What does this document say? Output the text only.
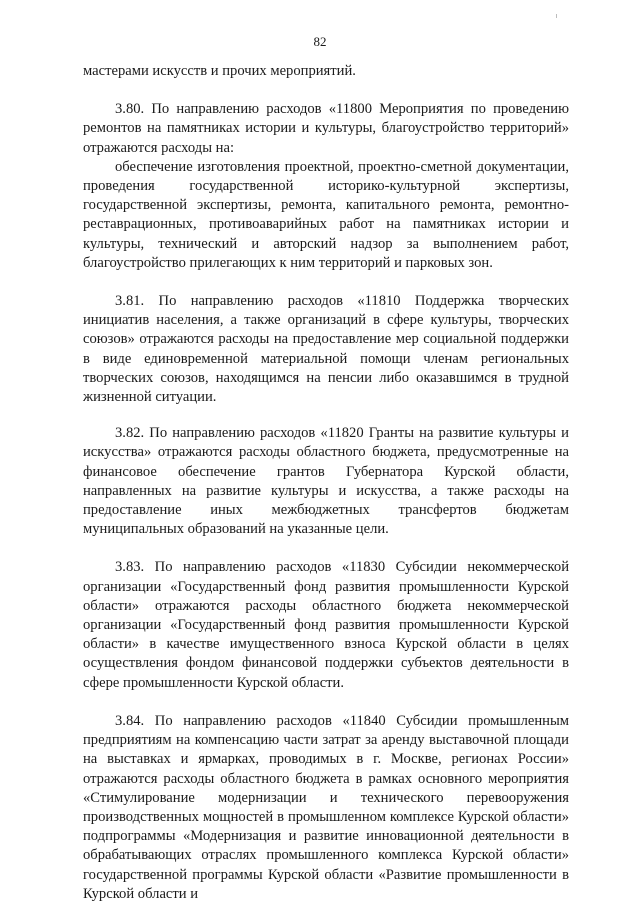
82

мастерами искусств и прочих мероприятий.

3.80. По направлению расходов «11800 Мероприятия по проведению ремонтов на памятниках истории и культуры, благоустройство территорий» отражаются расходы на:

обеспечение изготовления проектной, проектно-сметной документации, проведения государственной историко-культурной экспертизы, государственной экспертизы, ремонта, капитального ремонта, ремонтно-реставрационных, противоаварийных работ на памятниках истории и культуры, технический и авторский надзор за выполнением работ, благоустройство прилегающих к ним территорий и парковых зон.

3.81. По направлению расходов «11810 Поддержка творческих инициатив населения, а также организаций в сфере культуры, творческих союзов» отражаются расходы на предоставление мер социальной поддержки в виде единовременной материальной помощи членам региональных творческих союзов, находящимся на пенсии либо оказавшимся в трудной жизненной ситуации.

3.82. По направлению расходов «11820 Гранты на развитие культуры и искусства» отражаются расходы областного бюджета, предусмотренные на финансовое обеспечение грантов Губернатора Курской области, направленных на развитие культуры и искусства, а также расходы на предоставление иных межбюджетных трансфертов бюджетам муниципальных образований на указанные цели.

3.83. По направлению расходов «11830 Субсидии некоммерческой организации «Государственный фонд развития промышленности Курской области» отражаются расходы областного бюджета некоммерческой организации «Государственный фонд развития промышленности Курской области» в качестве имущественного взноса Курской области в целях осуществления фондом финансовой поддержки субъектов деятельности в сфере промышленности Курской области.

3.84. По направлению расходов «11840 Субсидии промышленным предприятиям на компенсацию части затрат за аренду выставочной площади на выставках и ярмарках, проводимых в г. Москве, регионах России» отражаются расходы областного бюджета в рамках основного мероприятия «Стимулирование модернизации и технического перевооружения производственных мощностей в промышленном комплексе Курской области» подпрограммы «Модернизация и развитие инновационной деятельности в обрабатывающих отраслях промышленного комплекса Курской области» государственной программы Курской области «Развитие промышленности в Курской области и
